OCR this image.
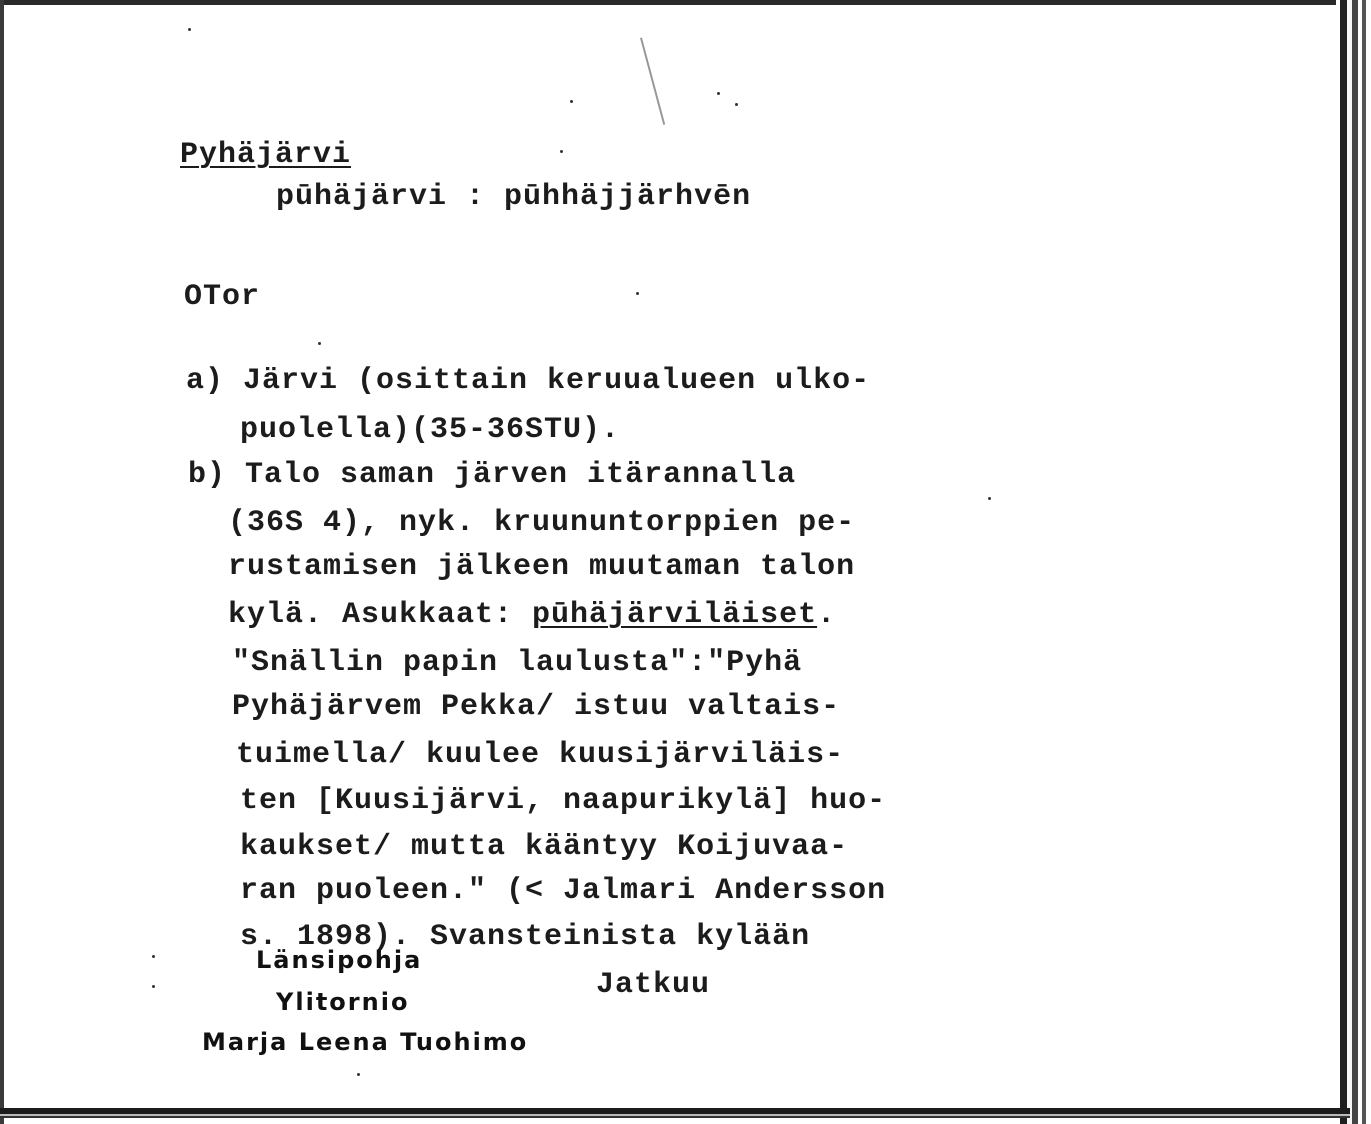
Pyhäjärvi
pūhäjärvi : pūhhäjjärhvēn
OTor
a) Järvi (osittain keruualueen ulko-
puolella)(35-36STU).
b) Talo saman järven itärannalla
(36S 4), nyk. kruununtorppien pe-
rustamisen jälkeen muutaman talon
kylä. Asukkaat: pūhäjärviläiset.
"Snällin papin laulusta":"Pyhä
Pyhäjärvem Pekka/ istuu valtais-
tuimella/ kuulee kuusijärviläis-
ten [Kuusijärvi, naapurikylä] huo-
kaukset/ mutta kääntyy Koijuvaa-
ran puoleen." (< Jalmari Andersson
s. 1898). Svansteinista kylään
Jatkuu
Länsipohja
Ylitornio
Marja Leena Tuohimo
